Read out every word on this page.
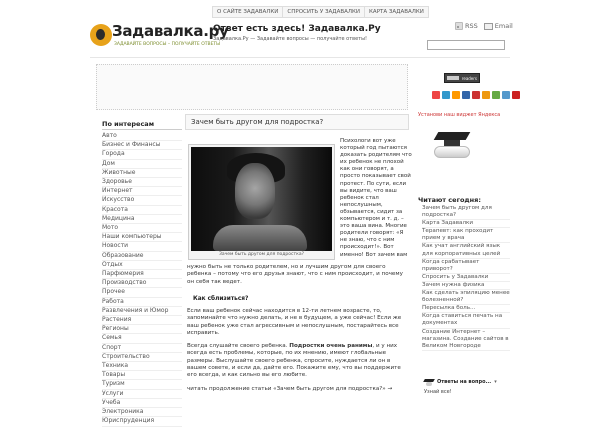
О САЙТЕ ЗАДАВАЛКИ	СПРОСИТЬ У ЗАДАВАЛКИ	КАРТА ЗАДАВАЛКИ
Задавалка.ру
ЗАДАВАЙТЕ ВОПРОСЫ – ПОЛУЧАЙТЕ ОТВЕТЫ
Ответ есть здесь! Задавалка.Ру
Задавалка.Ру — Задавайте вопросы — получайте ответы!
RSS	Email
readers
По интересам
Авто
Бизнес и Финансы
Города
Дом
Животные
Здоровье
Интернет
Искусство
Красота
Медицина
Мото
Наши компьютеры
Новости
Образование
Отдых
Парфюмерия
Производство
Прочее
Работа
Развлечения и Юмор
Растения
Регионы
Семья
Спорт
Строительство
Техника
Товары
Туризм
Услуги
Учеба
Электроника
Юриспруденция
Зачем быть другом для подростка?
Зачем быть другом для подростка?
Психологи вот уже который год пытаются доказать родителям что их ребенок не плохой как они говорят, а просто показывает свой протест. По сути, если вы видите, что ваш ребенок стал непослушным, обзывается, сидит за компьютером и т. д. – это ваша вина. Многие родители говорят: «Я не знаю, что с ним происходит!». Вот именно! Вот зачем вам
нужно быть не только родителем, но и лучшим другом для своего ребенка – потому что его друзья знают, что с ним происходит, и почему он себя так ведет.
Как сблизиться?
Если ваш ребенок сейчас находится в 12-ти летнем возрасте, то, запоминайте что нужно делать, и не в будущем, а уже сейчас! Если же ваш ребенок уже стал агрессивным и непослушным, постарайтесь все исправить.
Всегда слушайте своего ребенка. Подростки очень ранимы, и у них всегда есть проблемы, которые, по их мнению, имеют глобальные размеры. Выслушайте своего ребенка, спросите, нуждается ли он в вашем совете, и если да, дайте его. Покажите ему, что вы поддержите его всегда, и как сильно вы его любите.
читать продолжение статьи «Зачем быть другом для подростка?» →
Установи наш виджет Яндекса
Читают сегодня:
Зачем быть другом для подростка?
Карта Задавалки
Терапевт: как проходит прием у врача
Как учат английский язык для корпоративных целей
Когда срабатывает приворот?
Спросить у Задавалки
Зачем нужна физика
Как сделать эпиляцию менее болезненной?
Пересылка боль...
Когда ставиться печать на документах
Создание Интернет – магазина. Создание сайтов в Великом Новгороде
Ответы на вопро... ▾
Узнай все!
